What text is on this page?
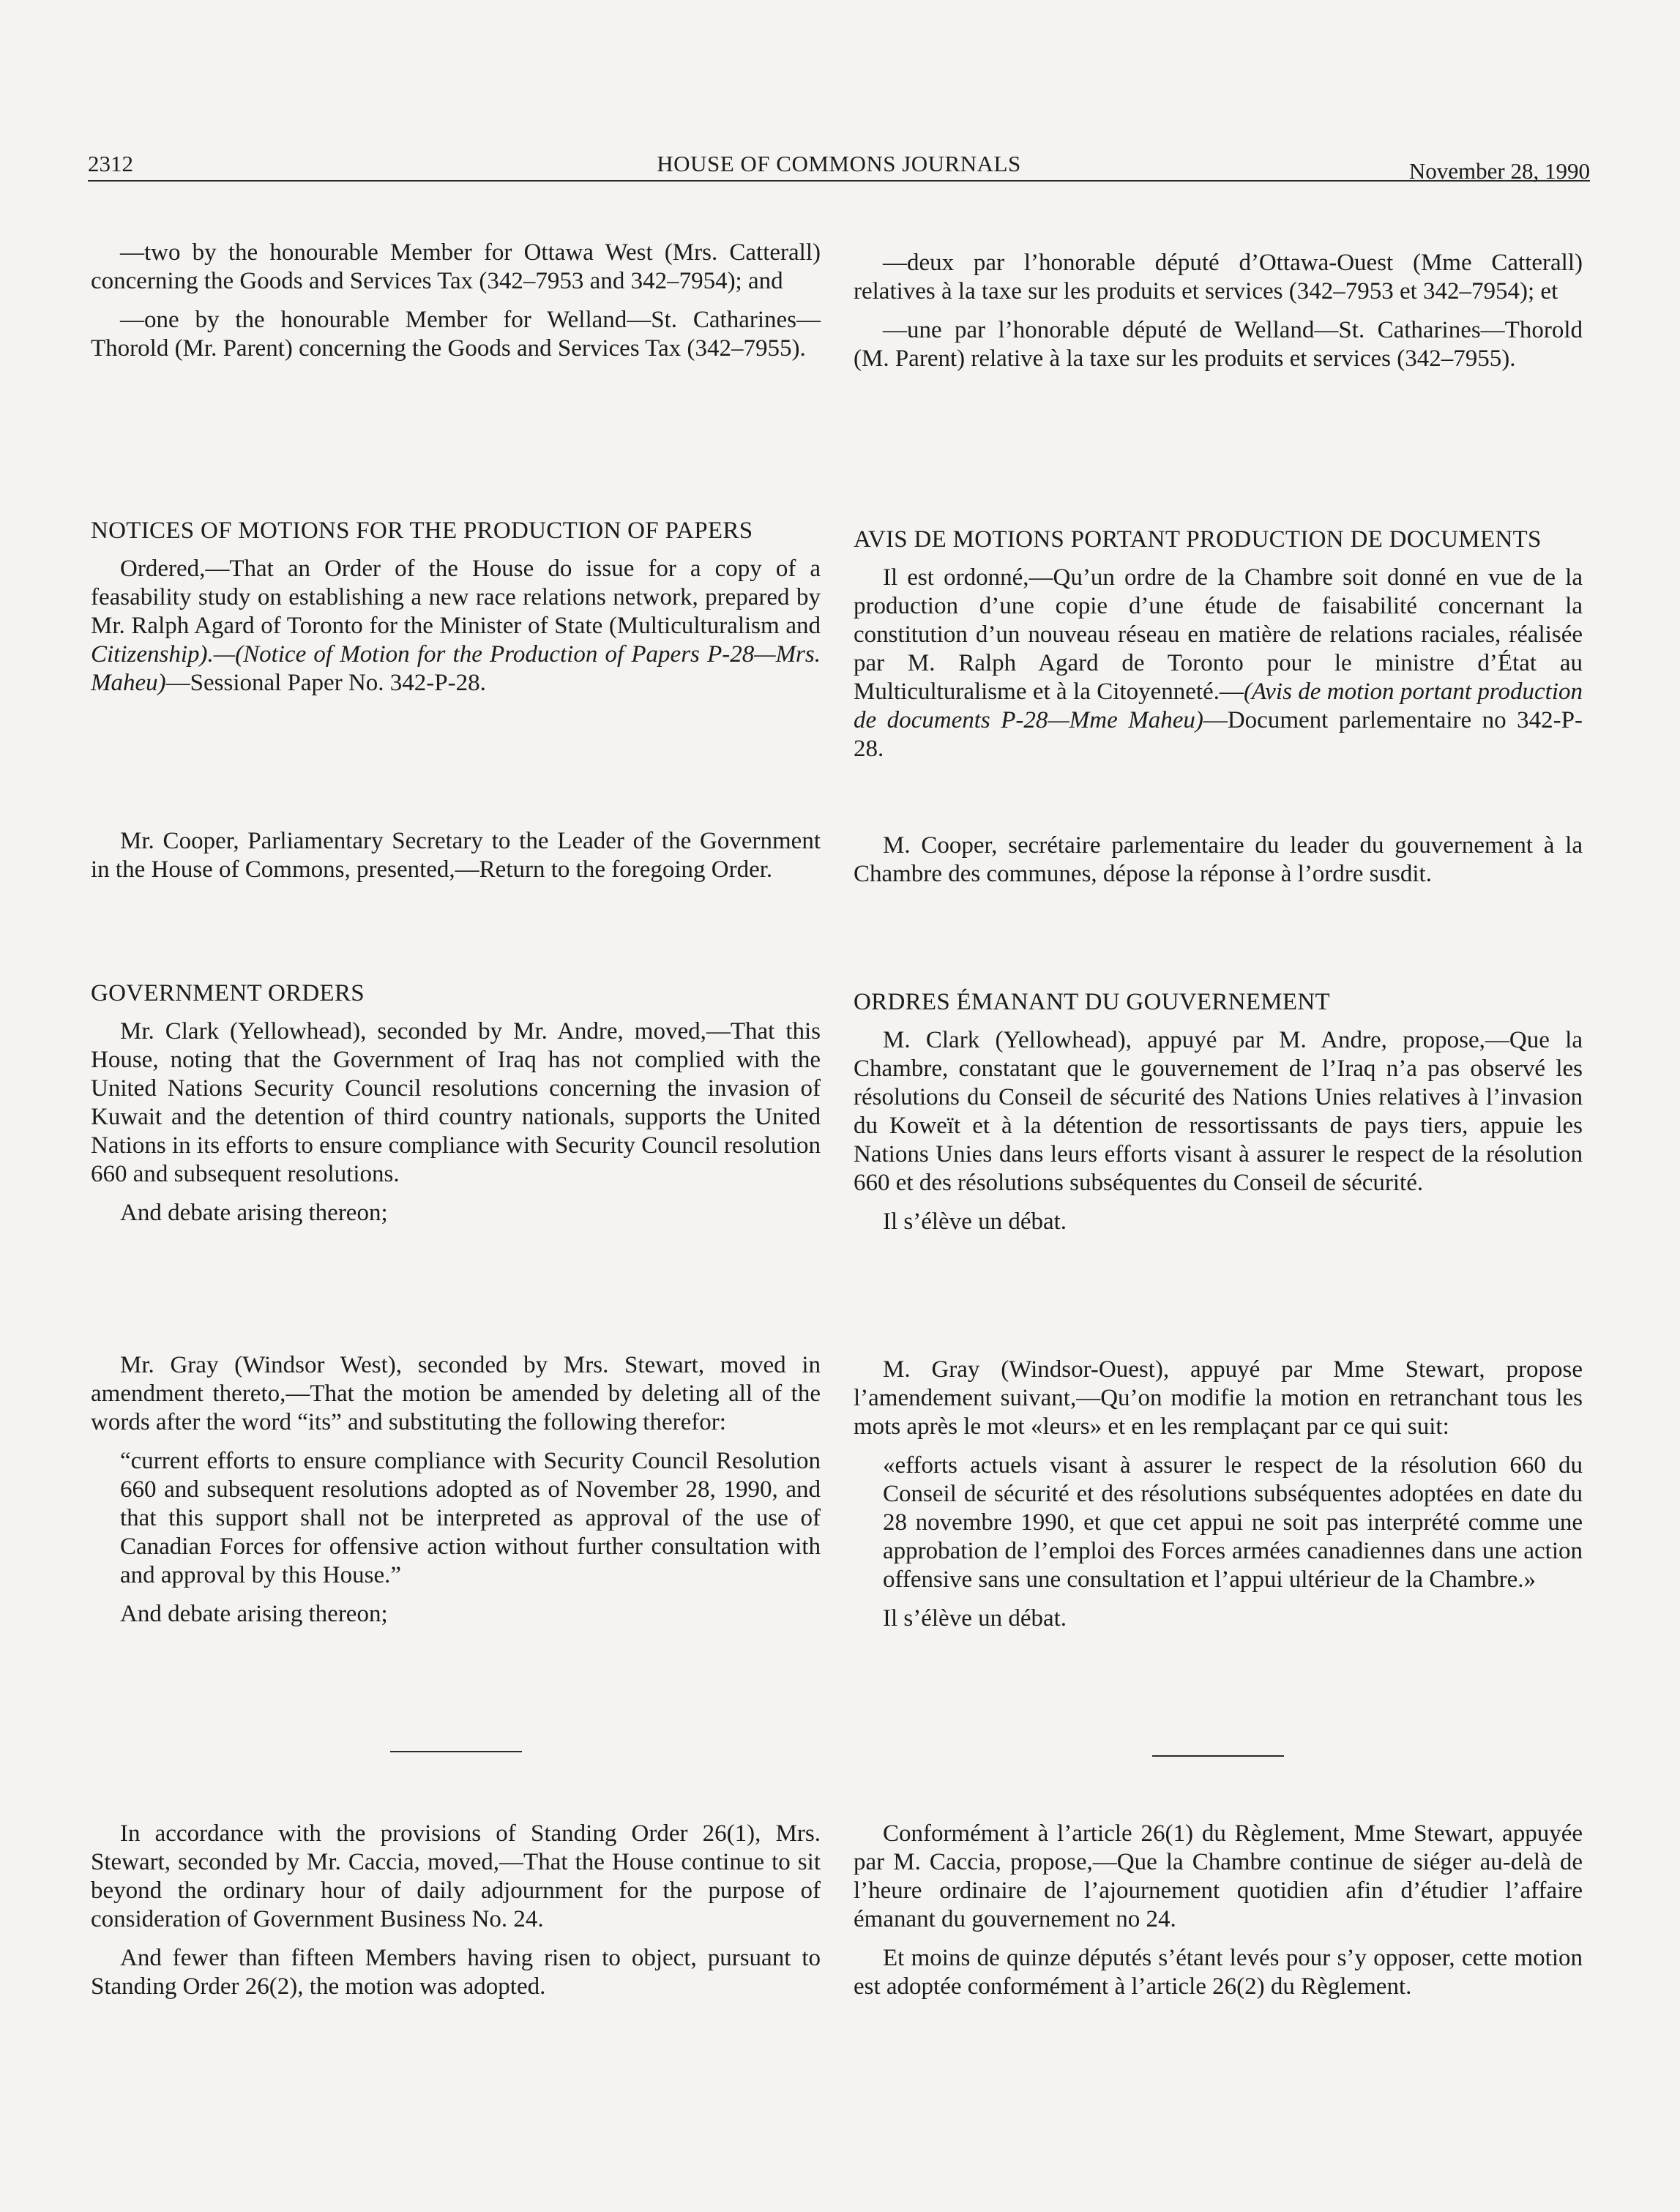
2312	HOUSE OF COMMONS JOURNALS	November 28, 1990

—two by the honourable Member for Ottawa West (Mrs. Catterall) concerning the Goods and Services Tax (342–7953 and 342–7954); and

—one by the honourable Member for Welland—St. Catharines—Thorold (Mr. Parent) concerning the Goods and Services Tax (342–7955).

NOTICES OF MOTIONS FOR THE PRODUCTION OF PAPERS

Ordered,—That an Order of the House do issue for a copy of a feasability study on establishing a new race relations network, prepared by Mr. Ralph Agard of Toronto for the Minister of State (Multiculturalism and Citizenship).—(Notice of Motion for the Production of Papers P-28—Mrs. Maheu)—Sessional Paper No. 342-P-28.

Mr. Cooper, Parliamentary Secretary to the Leader of the Government in the House of Commons, presented,—Return to the foregoing Order.

GOVERNMENT ORDERS

Mr. Clark (Yellowhead), seconded by Mr. Andre, moved,—That this House, noting that the Government of Iraq has not complied with the United Nations Security Council resolutions concerning the invasion of Kuwait and the detention of third country nationals, supports the United Nations in its efforts to ensure compliance with Security Council resolution 660 and subsequent resolutions.

And debate arising thereon;

Mr. Gray (Windsor West), seconded by Mrs. Stewart, moved in amendment thereto,—That the motion be amended by deleting all of the words after the word “its” and substituting the following therefor:

“current efforts to ensure compliance with Security Council Resolution 660 and subsequent resolutions adopted as of November 28, 1990, and that this support shall not be interpreted as approval of the use of Canadian Forces for offensive action without further consultation with and approval by this House.”

And debate arising thereon;

In accordance with the provisions of Standing Order 26(1), Mrs. Stewart, seconded by Mr. Caccia, moved,—That the House continue to sit beyond the ordinary hour of daily adjournment for the purpose of consideration of Government Business No. 24.

And fewer than fifteen Members having risen to object, pursuant to Standing Order 26(2), the motion was adopted.

—deux par l’honorable député d’Ottawa-Ouest (Mme Catterall) relatives à la taxe sur les produits et services (342–7953 et 342–7954); et

—une par l’honorable député de Welland—St. Catharines—Thorold (M. Parent) relative à la taxe sur les produits et services (342–7955).

AVIS DE MOTIONS PORTANT PRODUCTION DE DOCUMENTS

Il est ordonné,—Qu’un ordre de la Chambre soit donné en vue de la production d’une copie d’une étude de faisabilité concernant la constitution d’un nouveau réseau en matière de relations raciales, réalisée par M. Ralph Agard de Toronto pour le ministre d’État au Multiculturalisme et à la Citoyenneté.—(Avis de motion portant production de documents P-28—Mme Maheu)—Document parlementaire no 342-P-28.

M. Cooper, secrétaire parlementaire du leader du gouvernement à la Chambre des communes, dépose la réponse à l’ordre susdit.

ORDRES ÉMANANT DU GOUVERNEMENT

M. Clark (Yellowhead), appuyé par M. Andre, propose,—Que la Chambre, constatant que le gouvernement de l’Iraq n’a pas observé les résolutions du Conseil de sécurité des Nations Unies relatives à l’invasion du Koweït et à la détention de ressortissants de pays tiers, appuie les Nations Unies dans leurs efforts visant à assurer le respect de la résolution 660 et des résolutions subséquentes du Conseil de sécurité.

Il s’élève un débat.

M. Gray (Windsor-Ouest), appuyé par Mme Stewart, propose l’amendement suivant,—Qu’on modifie la motion en retranchant tous les mots après le mot «leurs» et en les remplaçant par ce qui suit:

«efforts actuels visant à assurer le respect de la résolution 660 du Conseil de sécurité et des résolutions subséquentes adoptées en date du 28 novembre 1990, et que cet appui ne soit pas interprété comme une approbation de l’emploi des Forces armées canadiennes dans une action offensive sans une consultation et l’appui ultérieur de la Chambre.»

Il s’élève un débat.

Conformément à l’article 26(1) du Règlement, Mme Stewart, appuyée par M. Caccia, propose,—Que la Chambre continue de siéger au-delà de l’heure ordinaire de l’ajournement quotidien afin d’étudier l’affaire émanant du gouvernement no 24.

Et moins de quinze députés s’étant levés pour s’y opposer, cette motion est adoptée conformément à l’article 26(2) du Règlement.
